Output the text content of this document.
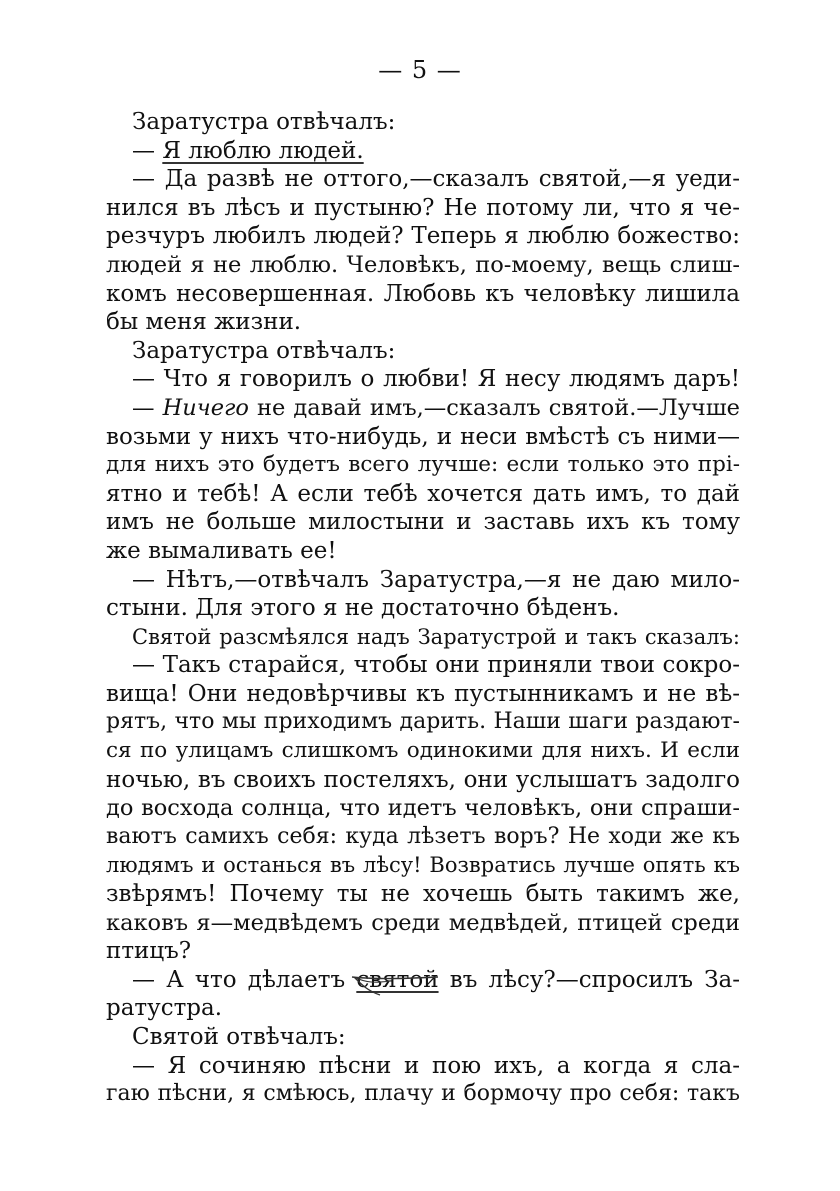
— 5 —
Заратустра отвѣчалъ:
— Я люблю людей.
— Да развѣ не оттого,—сказалъ святой,—я уеди-
нился въ лѣсъ и пустыню? Не потому ли, что я че-
резчуръ любилъ людей? Теперь я люблю божество:
людей я не люблю. Человѣкъ, по-моему, вещь слиш-
комъ несовершенная. Любовь къ человѣку лишила
бы меня жизни.
Заратустра отвѣчалъ:
— Что я говорилъ о любви! Я несу людямъ даръ!
— Ничего не давай имъ,—сказалъ святой.—Лучше
возьми у нихъ что-нибудь, и неси вмѣстѣ съ ними—
для нихъ это будетъ всего лучше: если только это прі-
ятно и тебѣ! А если тебѣ хочется дать имъ, то дай
имъ не больше милостыни и заставь ихъ къ тому
же вымаливать ее!
— Нѣтъ,—отвѣчалъ Заратустра,—я не даю мило-
стыни. Для этого я не достаточно бѣденъ.
Святой разсмѣялся надъ Заратустрой и такъ сказалъ:
— Такъ старайся, чтобы они приняли твои сокро-
вища! Они недовѣрчивы къ пустынникамъ и не вѣ-
рятъ, что мы приходимъ дарить. Наши шаги раздают-
ся по улицамъ слишкомъ одинокими для нихъ. И если
ночью, въ своихъ постеляхъ, они услышатъ задолго
до восхода солнца, что идетъ человѣкъ, они спраши-
ваютъ самихъ себя: куда лѣзетъ воръ? Не ходи же къ
людямъ и останься въ лѣсу! Возвратись лучше опять къ
звѣрямъ! Почему ты не хочешь быть такимъ же,
каковъ я—медвѣдемъ среди медвѣдей, птицей среди
птицъ?
— А что дѣлаетъ святой въ лѣсу?—спросилъ За-
ратустра.
Святой отвѣчалъ:
— Я сочиняю пѣсни и пою ихъ, а когда я сла-
гаю пѣсни, я смѣюсь, плачу и бормочу про себя: такъ
